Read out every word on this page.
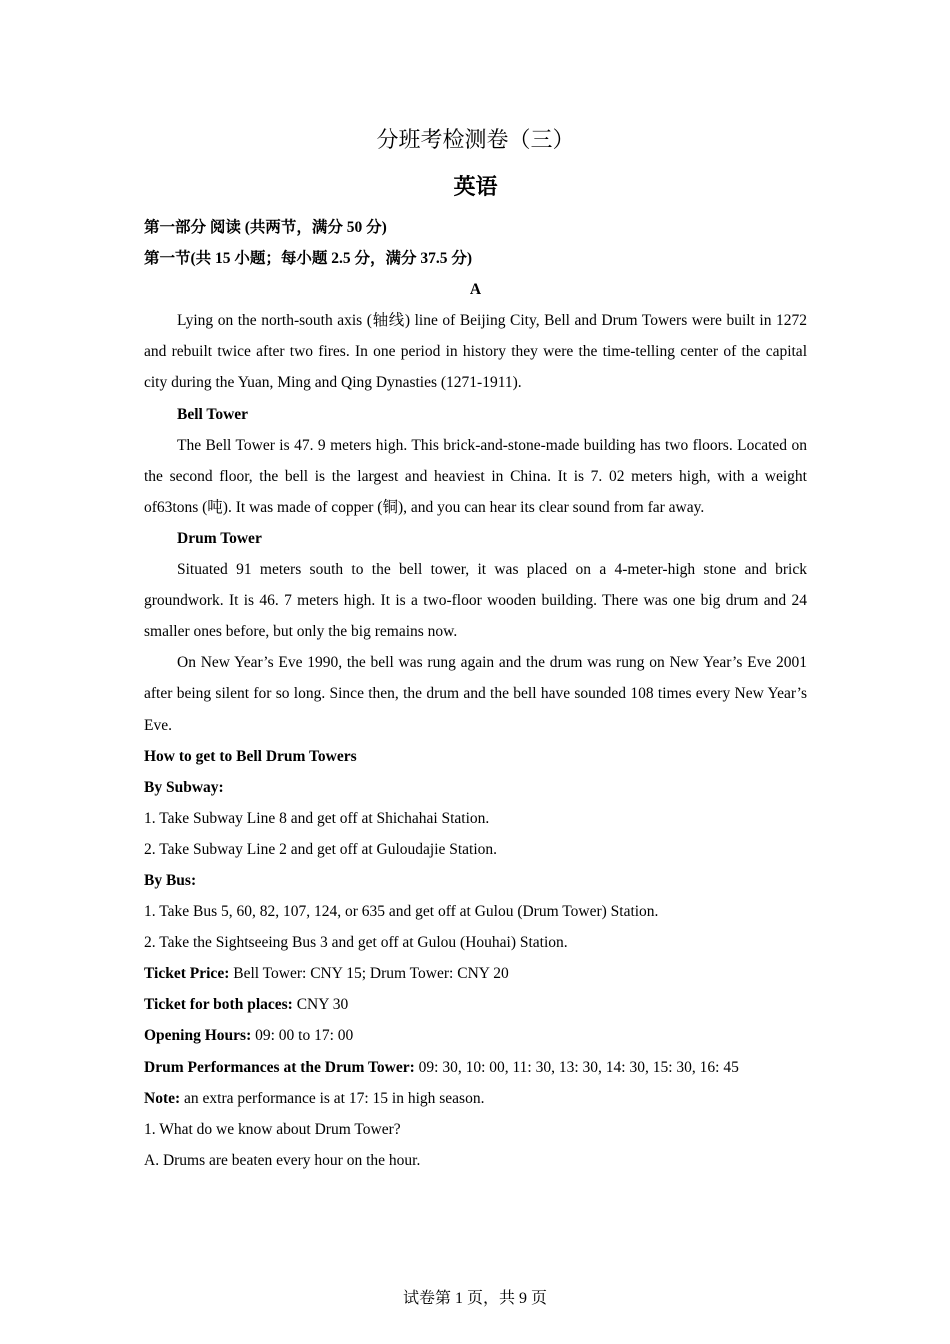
分班考检测卷（三）
英语

第一部分 阅读 (共两节，满分 50 分)

第一节(共 15 小题；每小题 2.5 分，满分 37.5 分)

A

Lying on the north-south axis (轴线) line of Beijing City, Bell and Drum Towers were built in 1272 and rebuilt twice after two fires. In one period in history they were the time-telling center of the capital city during the Yuan, Ming and Qing Dynasties (1271-1911).

Bell Tower

The Bell Tower is 47. 9 meters high. This brick-and-stone-made building has two floors. Located on the second floor, the bell is the largest and heaviest in China. It is 7. 02 meters high, with a weight of63tons (吨). It was made of copper (铜), and you can hear its clear sound from far away.

Drum Tower

Situated 91 meters south to the bell tower, it was placed on a 4-meter-high stone and brick groundwork. It is 46. 7 meters high. It is a two-floor wooden building. There was one big drum and 24 smaller ones before, but only the big remains now.

On New Year’s Eve 1990, the bell was rung again and the drum was rung on New Year’s Eve 2001 after being silent for so long. Since then, the drum and the bell have sounded 108 times every New Year’s Eve.

How to get to Bell Drum Towers

By Subway:

1. Take Subway Line 8 and get off at Shichahai Station.

2. Take Subway Line 2 and get off at Guloudajie Station.

By Bus:

1. Take Bus 5, 60, 82, 107, 124, or 635 and get off at Gulou (Drum Tower) Station.

2. Take the Sightseeing Bus 3 and get off at Gulou (Houhai) Station.

Ticket Price: Bell Tower: CNY 15; Drum Tower: CNY 20

Ticket for both places: CNY 30

Opening Hours: 09: 00 to 17: 00

Drum Performances at the Drum Tower: 09: 30, 10: 00, 11: 30, 13: 30, 14: 30, 15: 30, 16: 45

Note: an extra performance is at 17: 15 in high season.

1. What do we know about Drum Tower?

A. Drums are beaten every hour on the hour.

试卷第 1 页，共 9 页
